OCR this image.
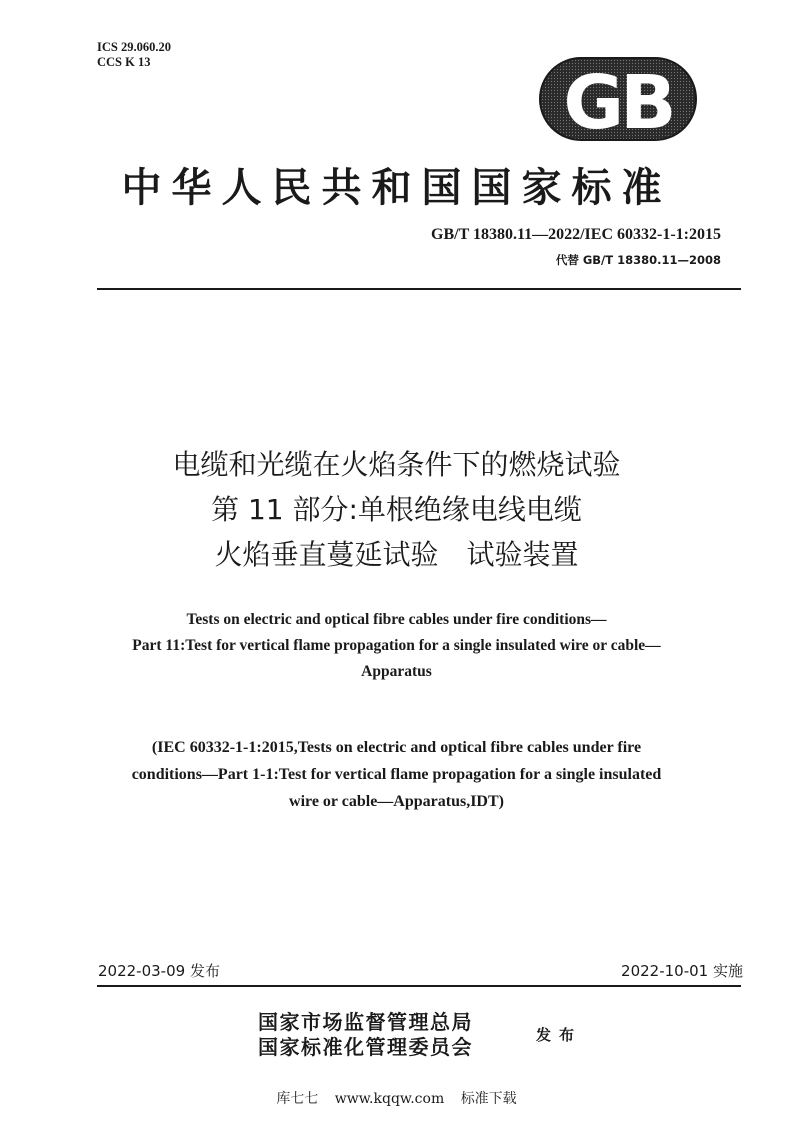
ICS 29.060.20
CCS K 13	GB
中华人民共和国国家标准
GB/T 18380.11—2022/IEC 60332-1-1:2015
代替 GB/T 18380.11—2008
电缆和光缆在火焰条件下的燃烧试验
第 11 部分:单根绝缘电线电缆
火焰垂直蔓延试验　试验装置
Tests on electric and optical fibre cables under fire conditions—
Part 11:Test for vertical flame propagation for a single insulated wire or cable—
Apparatus
(IEC 60332-1-1:2015,Tests on electric and optical fibre cables under fire
conditions—Part 1-1:Test for vertical flame propagation for a single insulated
wire or cable—Apparatus,IDT)
2022-03-09 发布	2022-10-01 实施
国家市场监督管理总局
国家标准化管理委员会	发布
库七七 www.kqqw.com 标准下载
